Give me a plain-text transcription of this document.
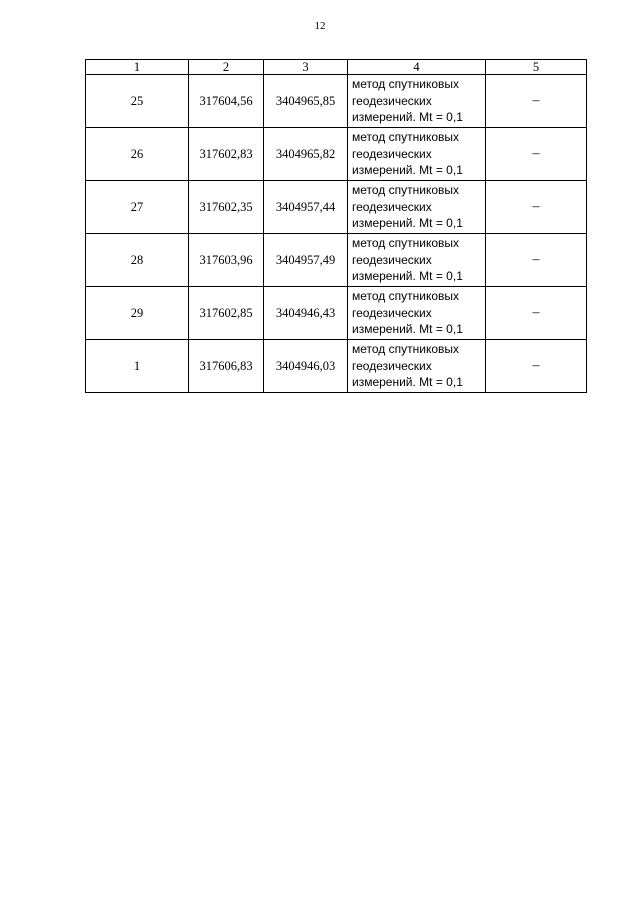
12
1	2	3	4	5
25	317604,56	3404965,85	метод спутниковых
геодезических
измерений. Mt = 0,1	–
26	317602,83	3404965,82	метод спутниковых
геодезических
измерений. Mt = 0,1	–
27	317602,35	3404957,44	метод спутниковых
геодезических
измерений. Mt = 0,1	–
28	317603,96	3404957,49	метод спутниковых
геодезических
измерений. Mt = 0,1	–
29	317602,85	3404946,43	метод спутниковых
геодезических
измерений. Mt = 0,1	–
1	317606,83	3404946,03	метод спутниковых
геодезических
измерений. Mt = 0,1	–
